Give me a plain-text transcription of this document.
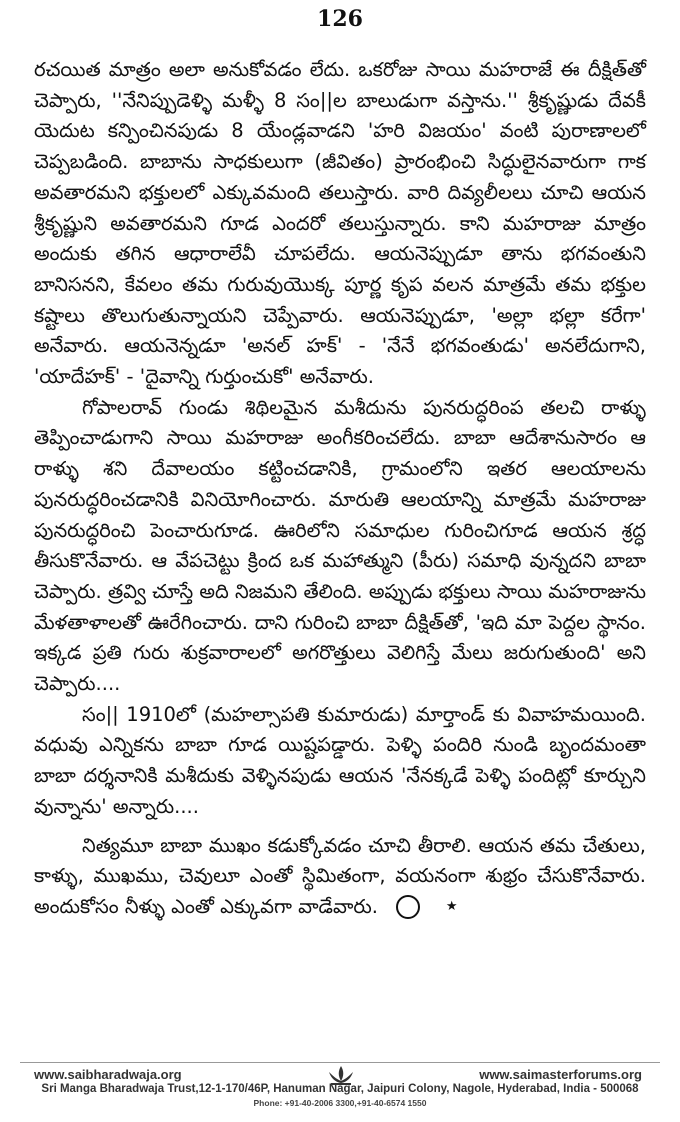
126

రచయిత మాత్రం అలా అనుకోవడం లేదు. ఒకరోజు సాయి మహరాజే ఈ దీక్షిత్‌తో చెప్పారు, ''నేనిప్పుడెళ్ళి మళ్ళీ 8 సం||ల బాలుడుగా వస్తాను.'' శ్రీకృష్ణుడు దేవకీ యెదుట కన్పించినపుడు 8 యేండ్లవాడని 'హరి విజయం' వంటి పురాణాలలో చెప్పబడింది. బాబాను సాధకులుగా (జీవితం) ప్రారంభించి సిద్ధులైనవారుగా గాక అవతారమని భక్తులలో ఎక్కువమంది తలుస్తారు. వారి దివ్యలీలలు చూచి ఆయన శ్రీకృష్ణుని అవతారమని గూడ ఎందరో తలుస్తున్నారు. కాని మహరాజు మాత్రం అందుకు తగిన ఆధారాలేవీ చూపలేదు. ఆయనెప్పుడూ తాను భగవంతుని బానిసనని, కేవలం తమ గురువుయొక్క పూర్ణ కృప వలన మాత్రమే తమ భక్తుల కష్టాలు తొలుగుతున్నాయని చెప్పేవారు. ఆయనెప్పుడూ, 'అల్లా భల్లా కరేగా' అనేవారు. ఆయనెన్నడూ 'అనల్ హక్' - 'నేనే భగవంతుడు' అనలేదుగాని, 'యాదేహక్' - 'దైవాన్ని గుర్తుంచుకో' అనేవారు.

గోపాలరావ్ గుండు శిథిలమైన మశీదును పునరుద్ధరింప తలచి రాళ్ళు తెప్పించాడుగాని సాయి మహరాజు అంగీకరించలేదు. బాబా ఆదేశానుసారం ఆ రాళ్ళు శని దేవాలయం కట్టించడానికి, గ్రామంలోని ఇతర ఆలయాలను పునరుద్ధరించడానికి వినియోగించారు. మారుతి ఆలయాన్ని మాత్రమే మహరాజు పునరుద్ధరించి పెంచారుగూడ. ఊరిలోని సమాధుల గురించిగూడ ఆయన శ్రద్ధ తీసుకొనేవారు. ఆ వేపచెట్టు క్రింద ఒక మహాత్ముని (పీరు) సమాధి వున్నదని బాబా చెప్పారు. త్రవ్వి చూస్తే అది నిజమని తేలింది. అప్పుడు భక్తులు సాయి మహరాజును మేళతాళాలతో ఊరేగించారు. దాని గురించి బాబా దీక్షిత్‌తో, 'ఇది మా పెద్దల స్థానం. ఇక్కడ ప్రతి గురు శుక్రవారాలలో అగరొత్తులు వెలిగిస్తే మేలు జరుగుతుంది' అని చెప్పారు....

సం|| 1910లో (మహల్సాపతి కుమారుడు) మార్తాండ్ కు వివాహమయింది. వధువు ఎన్నికను బాబా గూడ యిష్టపడ్డారు. పెళ్ళి పందిరి నుండి బృందమంతా బాబా దర్శనానికి మశీదుకు వెళ్ళినపుడు ఆయన 'నేనక్కడే పెళ్ళి పందిట్లో కూర్చుని వున్నాను' అన్నారు....

నిత్యమూ బాబా ముఖం కడుక్కోవడం చూచి తీరాలి. ఆయన తమ చేతులు, కాళ్ళు, ముఖము, చెవులూ ఎంతో స్థిమితంగా, వయనంగా శుభ్రం చేసుకొనేవారు. అందుకోసం నీళ్ళు ఎంతో ఎక్కువగా వాడేవారు.	★

www.saibharadwaja.org	www.saimasterforums.org
Sri Manga Bharadwaja Trust,12-1-170/46P, Hanuman Nagar, Jaipuri Colony, Nagole, Hyderabad, India - 500068
Phone: +91-40-2006 3300,+91-40-6574 1550
